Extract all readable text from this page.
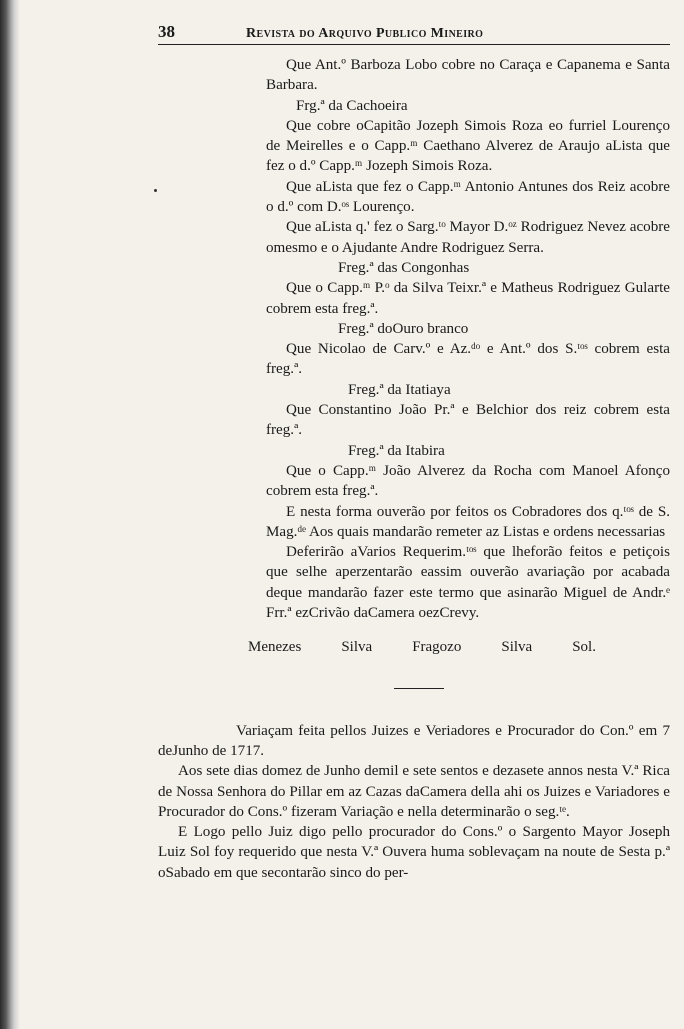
38	Revista do Arquivo Publico Mineiro

Que Ant.º Barboza Lobo cobre no Caraça e Capanema e Santa Barbara.

Frg.ª da Cachoeira

Que cobre oCapitão Jozeph Simois Roza eo furriel Lourenço de Meirelles e o Capp.ᵐ Caethano Alverez de Araujo aLista que fez o d.º Capp.ᵐ Jozeph Simois Roza.

Que aLista que fez o Capp.ᵐ Antonio Antunes dos Reiz acobre o d.º com D.ᵒˢ Lourenço.

Que aLista q.' fez o Sarg.ᵗᵒ Mayor D.ᵒᶻ Rodriguez Nevez acobre omesmo e o Ajudante Andre Rodriguez Serra.

Freg.ª das Congonhas

Que o Capp.ᵐ P.ᵒ da Silva Teixr.ª e Matheus Rodriguez Gularte cobrem esta freg.ª.

Freg.ª doOuro branco

Que Nicolao de Carv.º e Az.ᵈᵒ e Ant.º dos S.ᵗᵒˢ cobrem esta freg.ª.

Freg.ª da Itatiaya

Que Constantino João Pr.ª e Belchior dos reiz cobrem esta freg.ª.

Freg.ª da Itabira

Que o Capp.ᵐ João Alverez da Rocha com Manoel Afonço cobrem esta freg.ª.

E nesta forma ouverão por feitos os Cobradores dos q.ᵗᵒˢ de S. Mag.ᵈᵉ Aos quais mandarão remeter az Listas e ordens necessarias

Deferirão aVarios Requerim.ᵗᵒˢ que lheforão feitos e petiçois que selhe aperzentarão eassim ouverão avariação por acabada deque mandarão fazer este termo que asinarão Miguel de Andr.ᵉ Frr.ª ezCrivão daCamera oezCrevy.

Menezes	Silva	Fragozo	Silva	Sol.

Variaçam feita pellos Juizes e Veriadores e Procurador do Con.º em 7 deJunho de 1717.

Aos sete dias domez de Junho demil e sete sentos e dezasete annos nesta V.ª Rica de Nossa Senhora do Pillar em az Cazas daCamera della ahi os Juizes e Variadores e Procurador do Cons.º fizeram Variação e nella determinarão o seg.ᵗᵉ.

E Logo pello Juiz digo pello procurador do Cons.º o Sargento Mayor Joseph Luiz Sol foy requerido que nesta V.ª Ouvera huma soblevaçam na noute de Sesta p.ª oSabado em que secontarão sinco do per-
